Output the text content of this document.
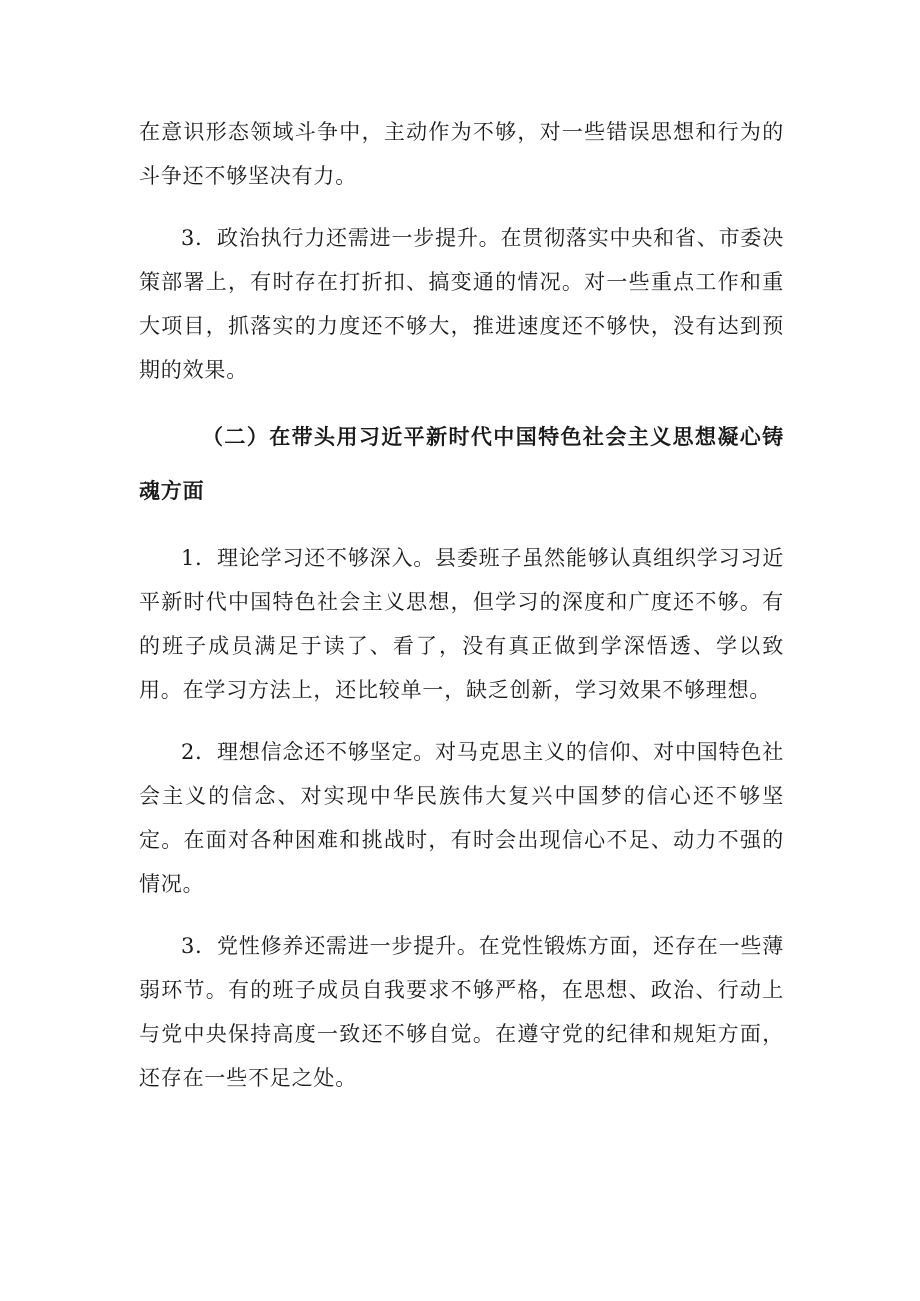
在意识形态领域斗争中，主动作为不够，对一些错误思想和行为的斗争还不够坚决有力。

3．政治执行力还需进一步提升。在贯彻落实中央和省、市委决策部署上，有时存在打折扣、搞变通的情况。对一些重点工作和重大项目，抓落实的力度还不够大，推进速度还不够快，没有达到预期的效果。

（二）在带头用习近平新时代中国特色社会主义思想凝心铸魂方面

1．理论学习还不够深入。县委班子虽然能够认真组织学习习近平新时代中国特色社会主义思想，但学习的深度和广度还不够。有的班子成员满足于读了、看了，没有真正做到学深悟透、学以致用。在学习方法上，还比较单一，缺乏创新，学习效果不够理想。

2．理想信念还不够坚定。对马克思主义的信仰、对中国特色社会主义的信念、对实现中华民族伟大复兴中国梦的信心还不够坚定。在面对各种困难和挑战时，有时会出现信心不足、动力不强的情况。

3．党性修养还需进一步提升。在党性锻炼方面，还存在一些薄弱环节。有的班子成员自我要求不够严格，在思想、政治、行动上与党中央保持高度一致还不够自觉。在遵守党的纪律和规矩方面，还存在一些不足之处。
